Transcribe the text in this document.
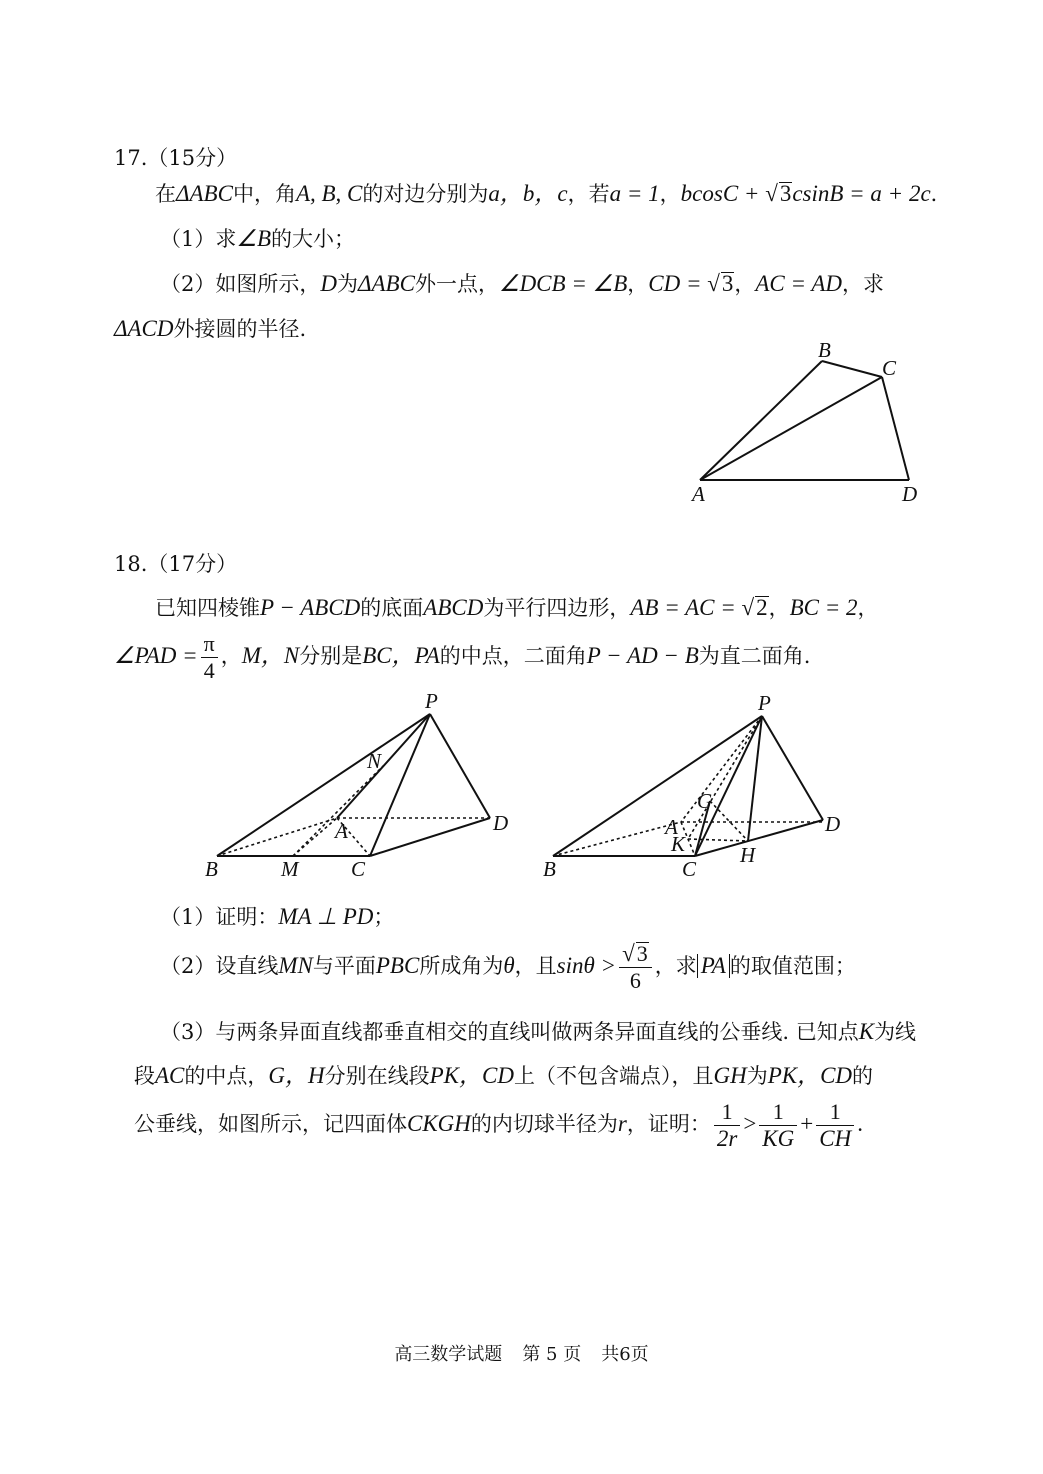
17.（15分）
在ΔABC中，角A, B, C的对边分别为a，b，c，若a = 1，bcosC + √3csinB = a + 2c．
（1）求∠B的大小；
（2）如图所示，D为ΔABC外一点，∠DCB = ∠B，CD = √3，AC = AD，求
ΔACD外接圆的半径.
B
C
A	D
18.（17分）
已知四棱锥P − ABCD的底面ABCD为平行四边形，AB = AC = √2，BC = 2，
∠PAD = $\frac{\pi}{4}$ ，M，N分别是BC，PA的中点，二面角P − AD − B为直二面角.
P
N
A	D
B	M	C
P
G
A
K
D
H
B	C
（1）证明：MA ⊥ PD；
（2）设直线MN与平面PBC所成角为θ，且$\sin\theta > \frac{√3}{6}$ ，求 PA 的取值范围；
（3）与两条异面直线都垂直相交的直线叫做两条异面直线的公垂线. 已知点K为线
段AC的中点，G，H分别在线段PK，CD上（不包含端点），且GH为PK，CD的
公垂线，如图所示，记四面体CKGH的内切球半径为r，证明： $\frac{1}{2r} > \frac{1}{KG} + \frac{1}{CH}$ .
高三数学试题 第 5 页 共6页
